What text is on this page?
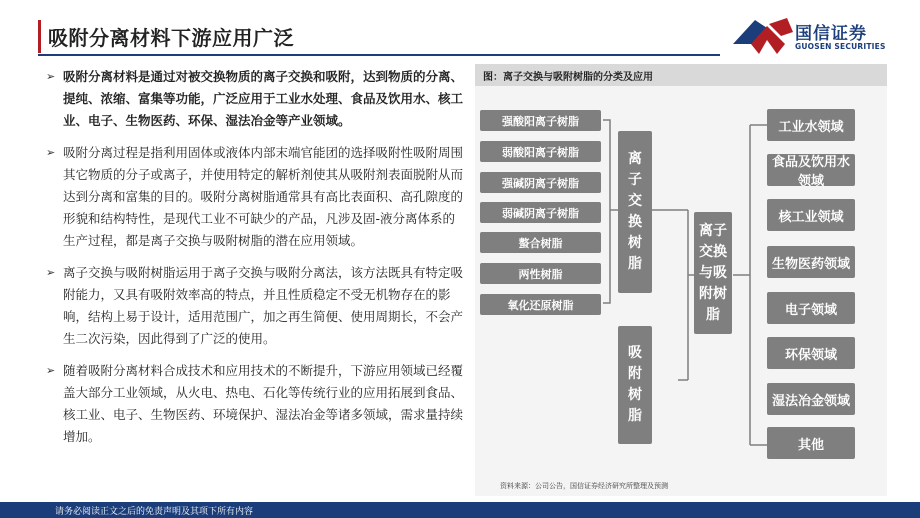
吸附分离材料下游应用广泛	国信证券
GUOSEN SECURITIES
➢ 吸附分离材料是通过对被交换物质的离子交换和吸附，达到物质的分离、提纯、浓缩、富集等功能，广泛应用于工业水处理、食品及饮用水、核工业、电子、生物医药、环保、湿法冶金等产业领域。
➢ 吸附分离过程是指利用固体或液体内部末端官能团的选择吸附性吸附周围其它物质的分子或离子，并使用特定的解析剂使其从吸附剂表面脱附从而达到分离和富集的目的。吸附分离树脂通常具有高比表面积、高孔隙度的形貌和结构特性，是现代工业不可缺少的产品，凡涉及固-液分离体系的生产过程，都是离子交换与吸附树脂的潜在应用领域。
➢ 离子交换与吸附树脂运用于离子交换与吸附分离法，该方法既具有特定吸附能力，又具有吸附效率高的特点，并且性质稳定不受无机物存在的影响，结构上易于设计，适用范围广，加之再生简便、使用周期长，不会产生二次污染，因此得到了广泛的使用。
➢ 随着吸附分离材料合成技术和应用技术的不断提升，下游应用领域已经覆盖大部分工业领域，从火电、热电、石化等传统行业的应用拓展到食品、核工业、电子、生物医药、环境保护、湿法冶金等诸多领域，需求量持续增加。
图：离子交换与吸附树脂的分类及应用
强酸阳离子树脂
弱酸阳离子树脂
强碱阴离子树脂
弱碱阴离子树脂
螯合树脂
两性树脂
氧化还原树脂
离子交换树脂
吸附树脂
离子交换与吸附树脂
工业水领域
食品及饮用水领域
核工业领域
生物医药领域
电子领域
环保领域
湿法冶金领域
其他
资料来源：公司公告，国信证券经济研究所整理及预测
请务必阅读正文之后的免责声明及其项下所有内容
